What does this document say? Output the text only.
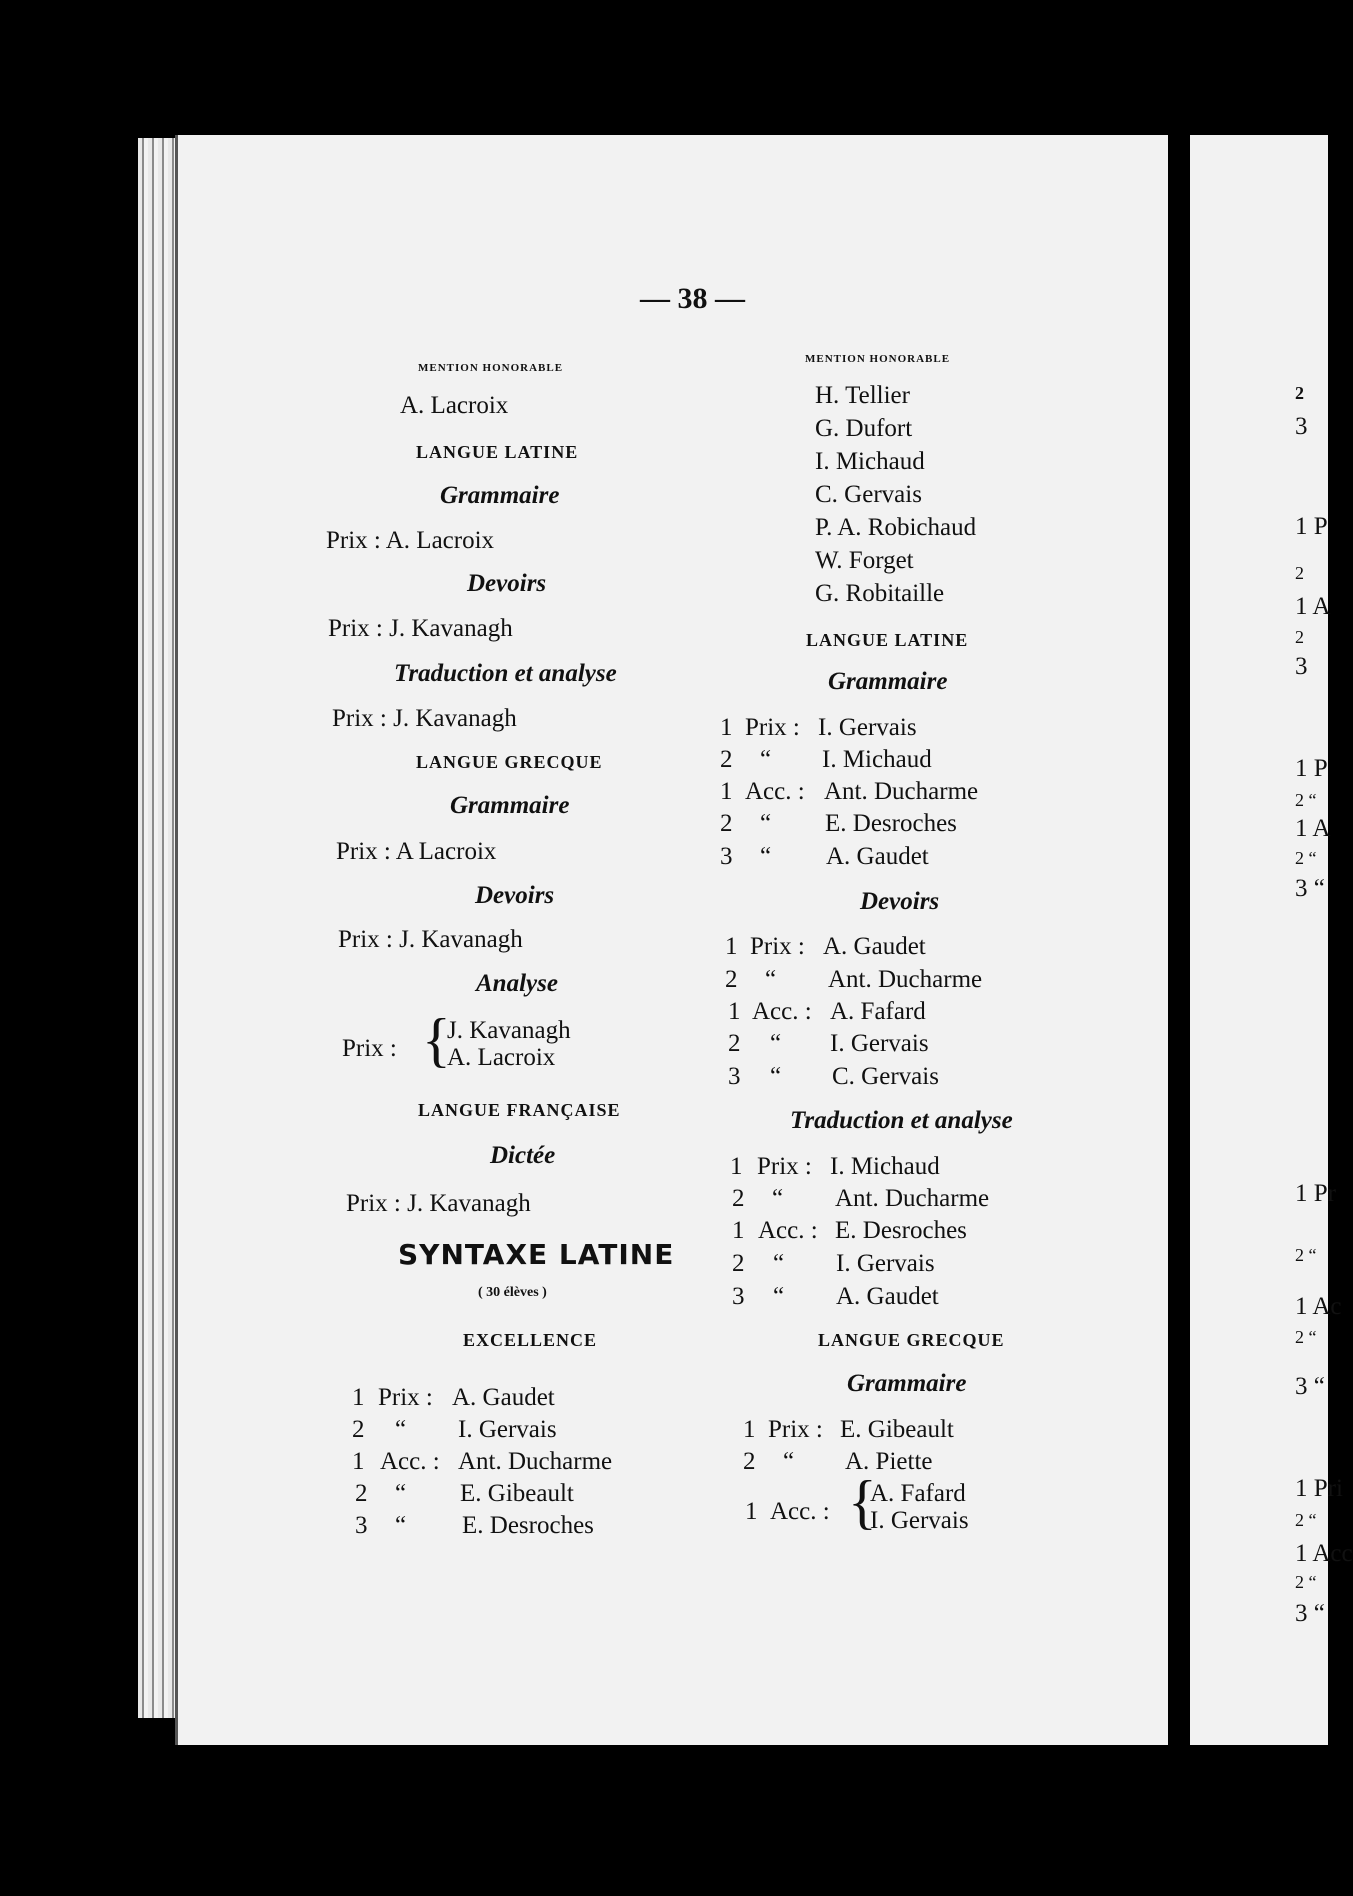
2
3
1 P
2
1 A
2
3
1 P
2 “
1 A
2 “
3 “
1 Pr
2 “
1 Ac
2 “
3 “
1 Pri
2 “
1 Acc
2 “
3 “
— 38 —
MENTION HONORABLE
A. Lacroix
LANGUE LATINE
Grammaire
Prix : A. Lacroix
Devoirs
Prix : J. Kavanagh
Traduction et analyse
Prix : J. Kavanagh
LANGUE GRECQUE
Grammaire
Prix : A Lacroix
Devoirs
Prix : J. Kavanagh
Analyse
Prix : {
J. Kavanagh
A. Lacroix
LANGUE FRANÇAISE
Dictée
Prix : J. Kavanagh
SYNTAXE LATINE
( 30 élèves )
EXCELLENCE
1 Prix : A. Gaudet
2 “ I. Gervais
1 Acc. : Ant. Ducharme
2 “ E. Gibeault
3 “ E. Desroches
MENTION HONORABLE
H. Tellier
G. Dufort
I. Michaud
C. Gervais
P. A. Robichaud
W. Forget
G. Robitaille
LANGUE LATINE
Grammaire
1 Prix : I. Gervais
2 “ I. Michaud
1 Acc. : Ant. Ducharme
2 “ E. Desroches
3 “ A. Gaudet
Devoirs
1 Prix : A. Gaudet
2 “ Ant. Ducharme
1 Acc. : A. Fafard
2 “ I. Gervais
3 “ C. Gervais
Traduction et analyse
1 Prix : I. Michaud
2 “ Ant. Ducharme
1 Acc. : E. Desroches
2 “ I. Gervais
3 “ A. Gaudet
LANGUE GRECQUE
Grammaire
1 Prix : E. Gibeault
2 “ A. Piette
1 Acc. : {
A. Fafard
I. Gervais
